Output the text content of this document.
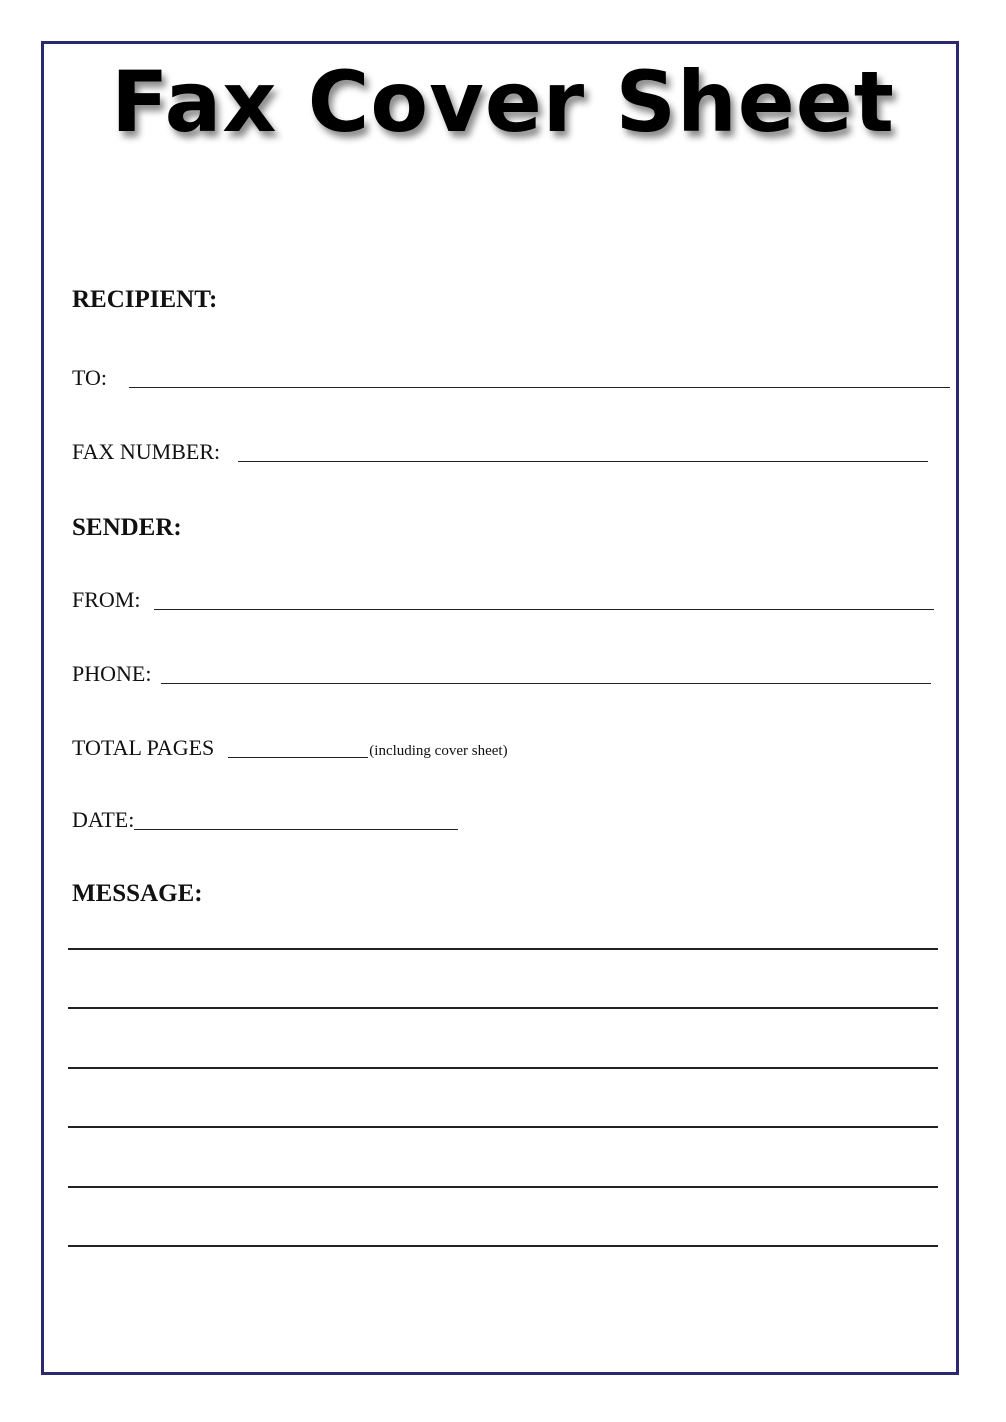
Fax Cover Sheet
RECIPIENT:
TO:
FAX NUMBER:
SENDER:
FROM:
PHONE:
TOTAL PAGES	(including cover sheet)
DATE:
MESSAGE:
